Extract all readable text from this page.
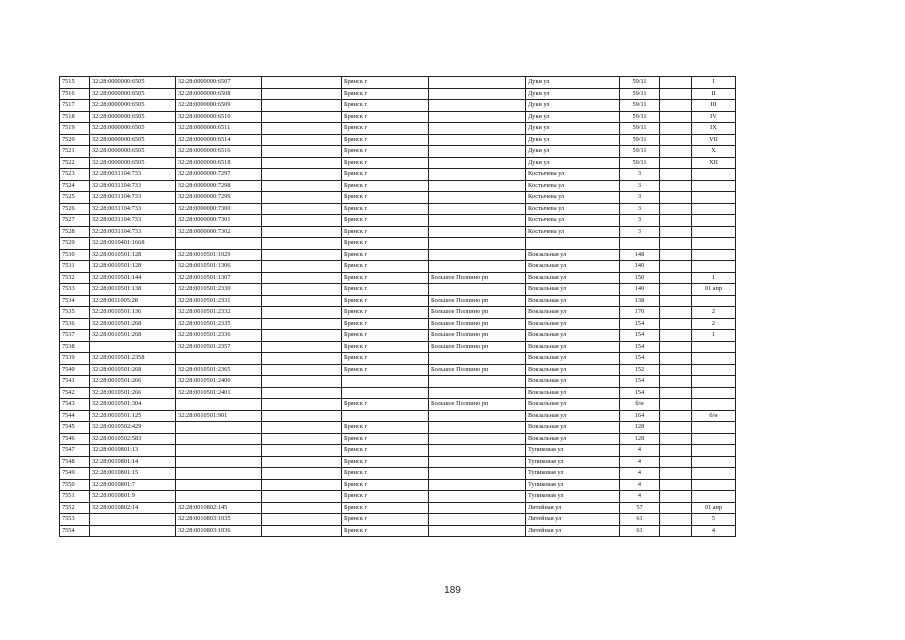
7515	32:28:0000000:6505	32:28:0000000:6507		Брянск г		Дуки ул	59/11		I
7516	32:28:0000000:6505	32:28:0000000:6508		Брянск г		Дуки ул	59/11		II
7517	32:28:0000000:6505	32:28:0000000:6509		Брянск г		Дуки ул	59/11		III
7518	32:28:0000000:6505	32:28:0000000:6510		Брянск г		Дуки ул	59/11		IV
7519	32:28:0000000:6505	32:28:0000000:6511		Брянск г		Дуки ул	59/11		IX
7520	32:28:0000000:6505	32:28:0000000:6514		Брянск г		Дуки ул	59/11		VII
7521	32:28:0000000:6505	32:28:0000000:6516		Брянск г		Дуки ул	59/11		X
7522	32:28:0000000:6505	32:28:0000000:6518		Брянск г		Дуки ул	59/11		XII
7523	32:28:0031104:733	32:28:0000000:7297		Брянск г		Костычева ул	3		
7524	32:28:0031104:733	32:28:0000000:7298		Брянск г		Костычева ул	3		
7525	32:28:0031104:733	32:28:0000000:7299		Брянск г		Костычева ул	3		
7526	32:28:0031104:733	32:28:0000000:7300		Брянск г		Костычева ул	3		
7527	32:28:0031104:733	32:28:0000000:7301		Брянск г		Костычева ул	3		
7528	32:28:0031104:733	32:28:0000000:7302		Брянск г		Костычева ул	3		
7529	32:28:0010401:1668			Брянск г					
7530	32:28:0010501:128	32:28:0010501:1029		Брянск г		Вокзальная ул	148		
7531	32:28:0010501:128	32:28:0010501:1306		Брянск г		Вокзальная ул	140		
7532	32:28:0010501:144	32:28:0010501:1307		Брянск г	Большое Полпино рп	Вокзальная ул	150		1
7533	32:28:0010501:138	32:28:0010501:2330		Брянск г		Вокзальная ул	140		01 апр
7534	32:28:0011005:28	32:28:0010501:2331		Брянск г	Большое Полпино рп	Вокзальная ул	138		
7535	32:28:0010501:136	32:28:0010501:2332		Брянск г	Большое Полпино рп	Вокзальная ул	170		2
7536	32:28:0010501:268	32:28:0010501:2335		Брянск г	Большое Полпино рп	Вокзальная ул	154		2
7537	32:28:0010501:268	32:28:0010501:2336		Брянск г	Большое Полпино рп	Вокзальная ул	154		1
7538		32:28:0010501:2357		Брянск г	Большое Полпино рп	Вокзальная ул	154		
7539	32:28:0010501:2358			Брянск г		Вокзальная ул	154		
7540	32:28:0010501:268	32:28:0010501:2365		Брянск г	Большое Полпино рп	Вокзальная ул	152		
7541	32:28:0010501:266	32:28:0010501:2400				Вокзальная ул	154		
7542	32:28:0010501:266	32:28:0010501:2401				Вокзальная ул	154		
7543	32:28:0010501:304			Брянск г	Большое Полпино рп	Вокзальная ул	б/н		
7544	32:28:0010501:125	32:28:0010501:901				Вокзальная ул	164		б/н
7545	32:28:0010502:429			Брянск г		Вокзальная ул	128		
7546	32:28:0010502:583			Брянск г		Вокзальная ул	128		
7547	32:28:0010801:13			Брянск г		Тупиковая ул	4		
7548	32:28:0010801:14			Брянск г		Тупиковая ул	4		
7549	32:28:0010801:15			Брянск г		Тупиковая ул	4		
7550	32:28:0010801:7			Брянск г		Тупиковая ул	4		
7551	32:28:0010801:9			Брянск г		Тупиковая ул	4		
7552	32:28:0010802:14	32:28:0010802:145		Брянск г		Литейная ул	57		01 апр
7553		32:28:0010803:1035		Брянск г		Литейная ул	61		5
7554		32:28:0010803:1036		Брянск г		Литейная ул	61		4
189
